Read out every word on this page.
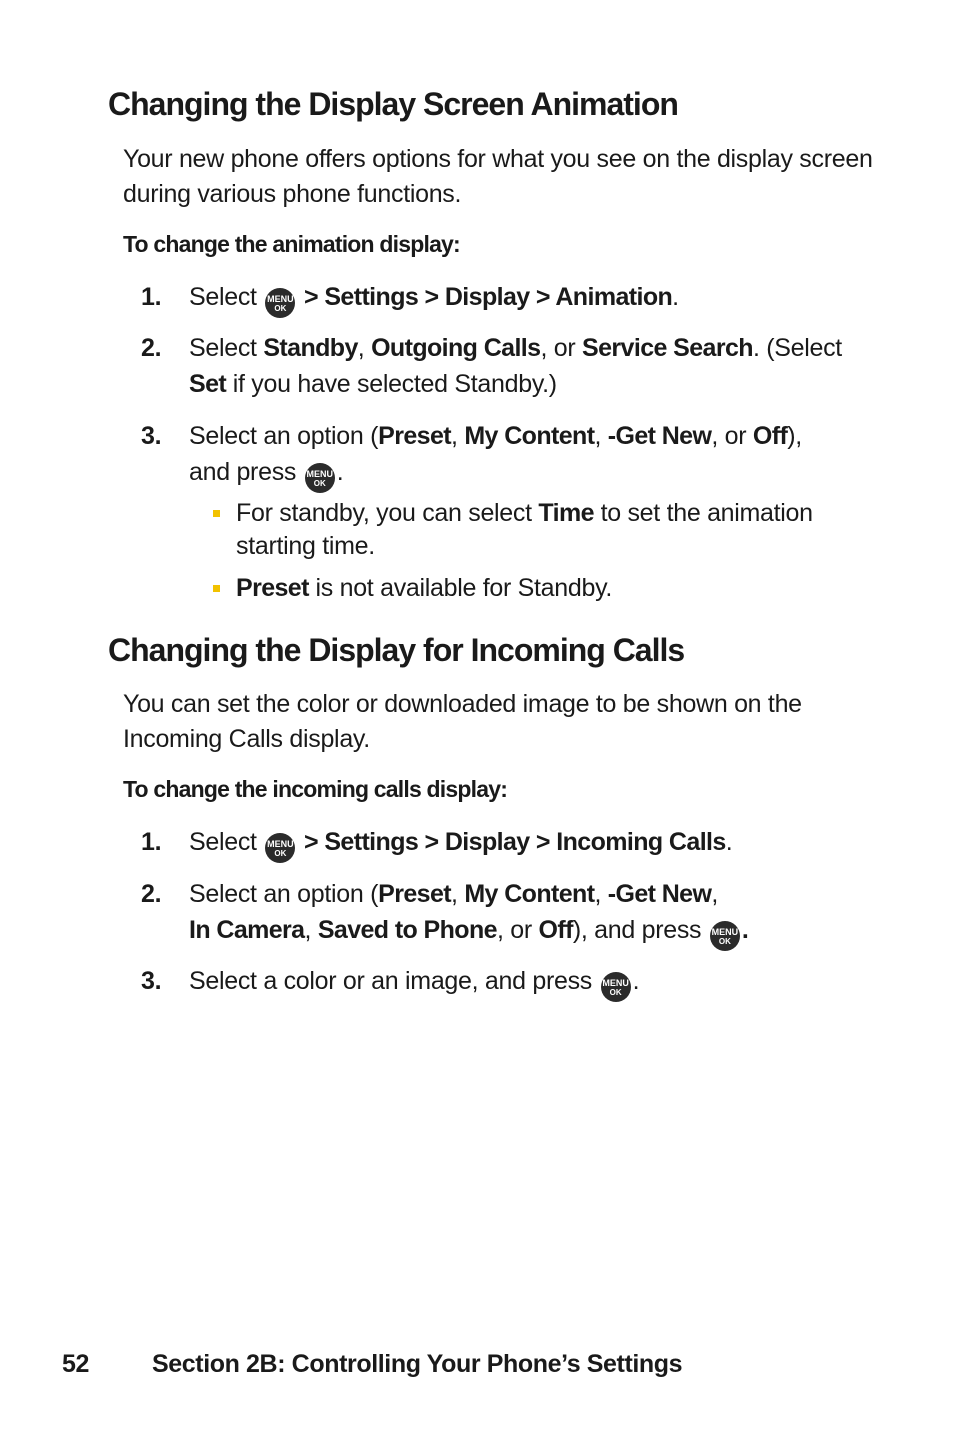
Changing the Display Screen Animation

Your new phone offers options for what you see on the display screen during various phone functions.

To change the animation display:

1. Select MENU
OK > Settings > Display > Animation.
2. Select Standby, Outgoing Calls, or Service Search. (Select Set if you have selected Standby.)
3. Select an option (Preset, My Content, -Get New, or Off),
and press MENU
OK .
For standby, you can select Time to set the animation starting time.
Preset is not available for Standby.
Changing the Display for Incoming Calls

You can set the color or downloaded image to be shown on the Incoming Calls display.

To change the incoming calls display:

1. Select MENU
OK > Settings > Display > Incoming Calls.
2. Select an option (Preset, My Content, -Get New,
In Camera, Saved to Phone, or Off), and press MENU
OK .
3. Select a color or an image, and press MENU
OK .
52	Section 2B: Controlling Your Phone’s Settings
